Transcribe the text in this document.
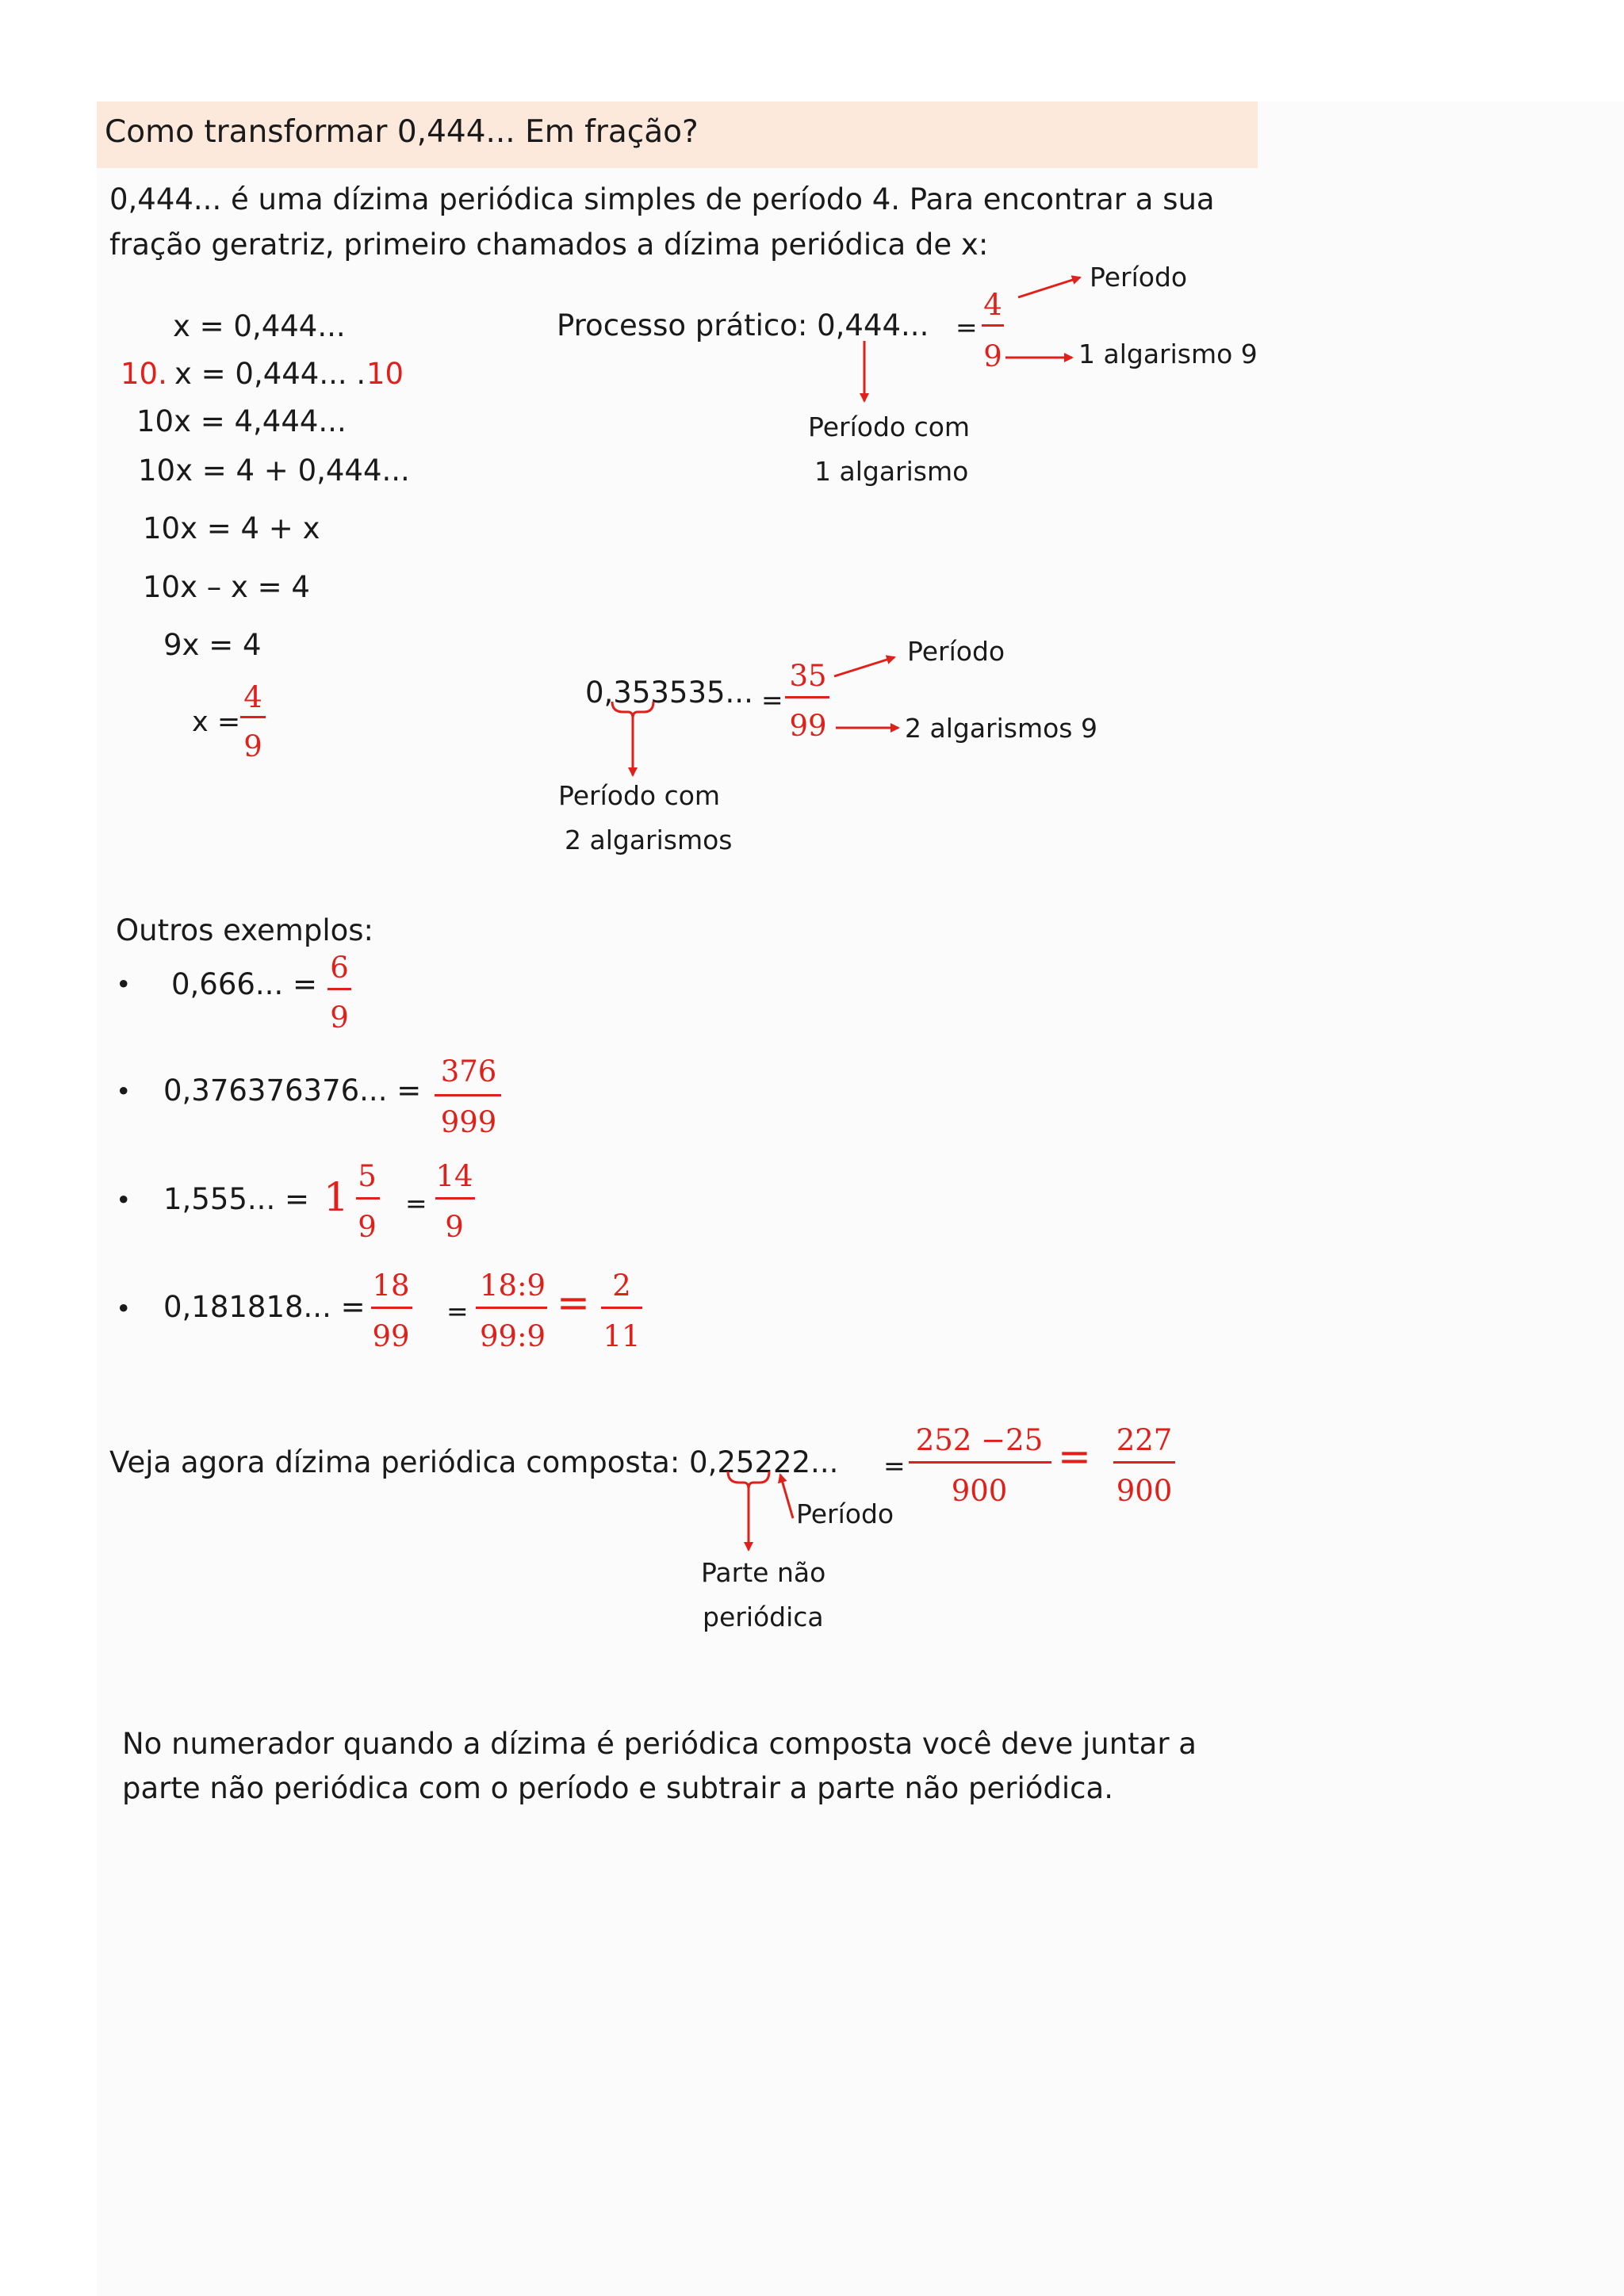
Como transformar 0,444... Em fração?
0,444... é uma dízima periódica simples de período 4. Para encontrar a sua
fração geratriz, primeiro chamados a dízima periódica de x:
x = 0,444...
10. x = 0,444... . 10
10x = 4,444...
10x = 4 + 0,444...
10x = 4 + x
10x – x = 4
9x = 4
x =
4
9
Processo prático: 0,444... =
4
9
Período
1 algarismo 9
Período com
1 algarismo
0,353535... =
35
99
Período
2 algarismos 9
Período com
2 algarismos
Outros exemplos:
• 0,666... = 6
9
• 0,376376376... =
376
999
• 1,555... = 1 5
9
=
14
9
• 0,181818... =
18
99
=
18:9
99:9
= 2
11
Veja agora dízima periódica composta: 0,25222... =
252 −25
900
= 227
900
Período
Parte não
periódica
No numerador quando a dízima é periódica composta você deve juntar a
parte não periódica com o período e subtrair a parte não periódica.
